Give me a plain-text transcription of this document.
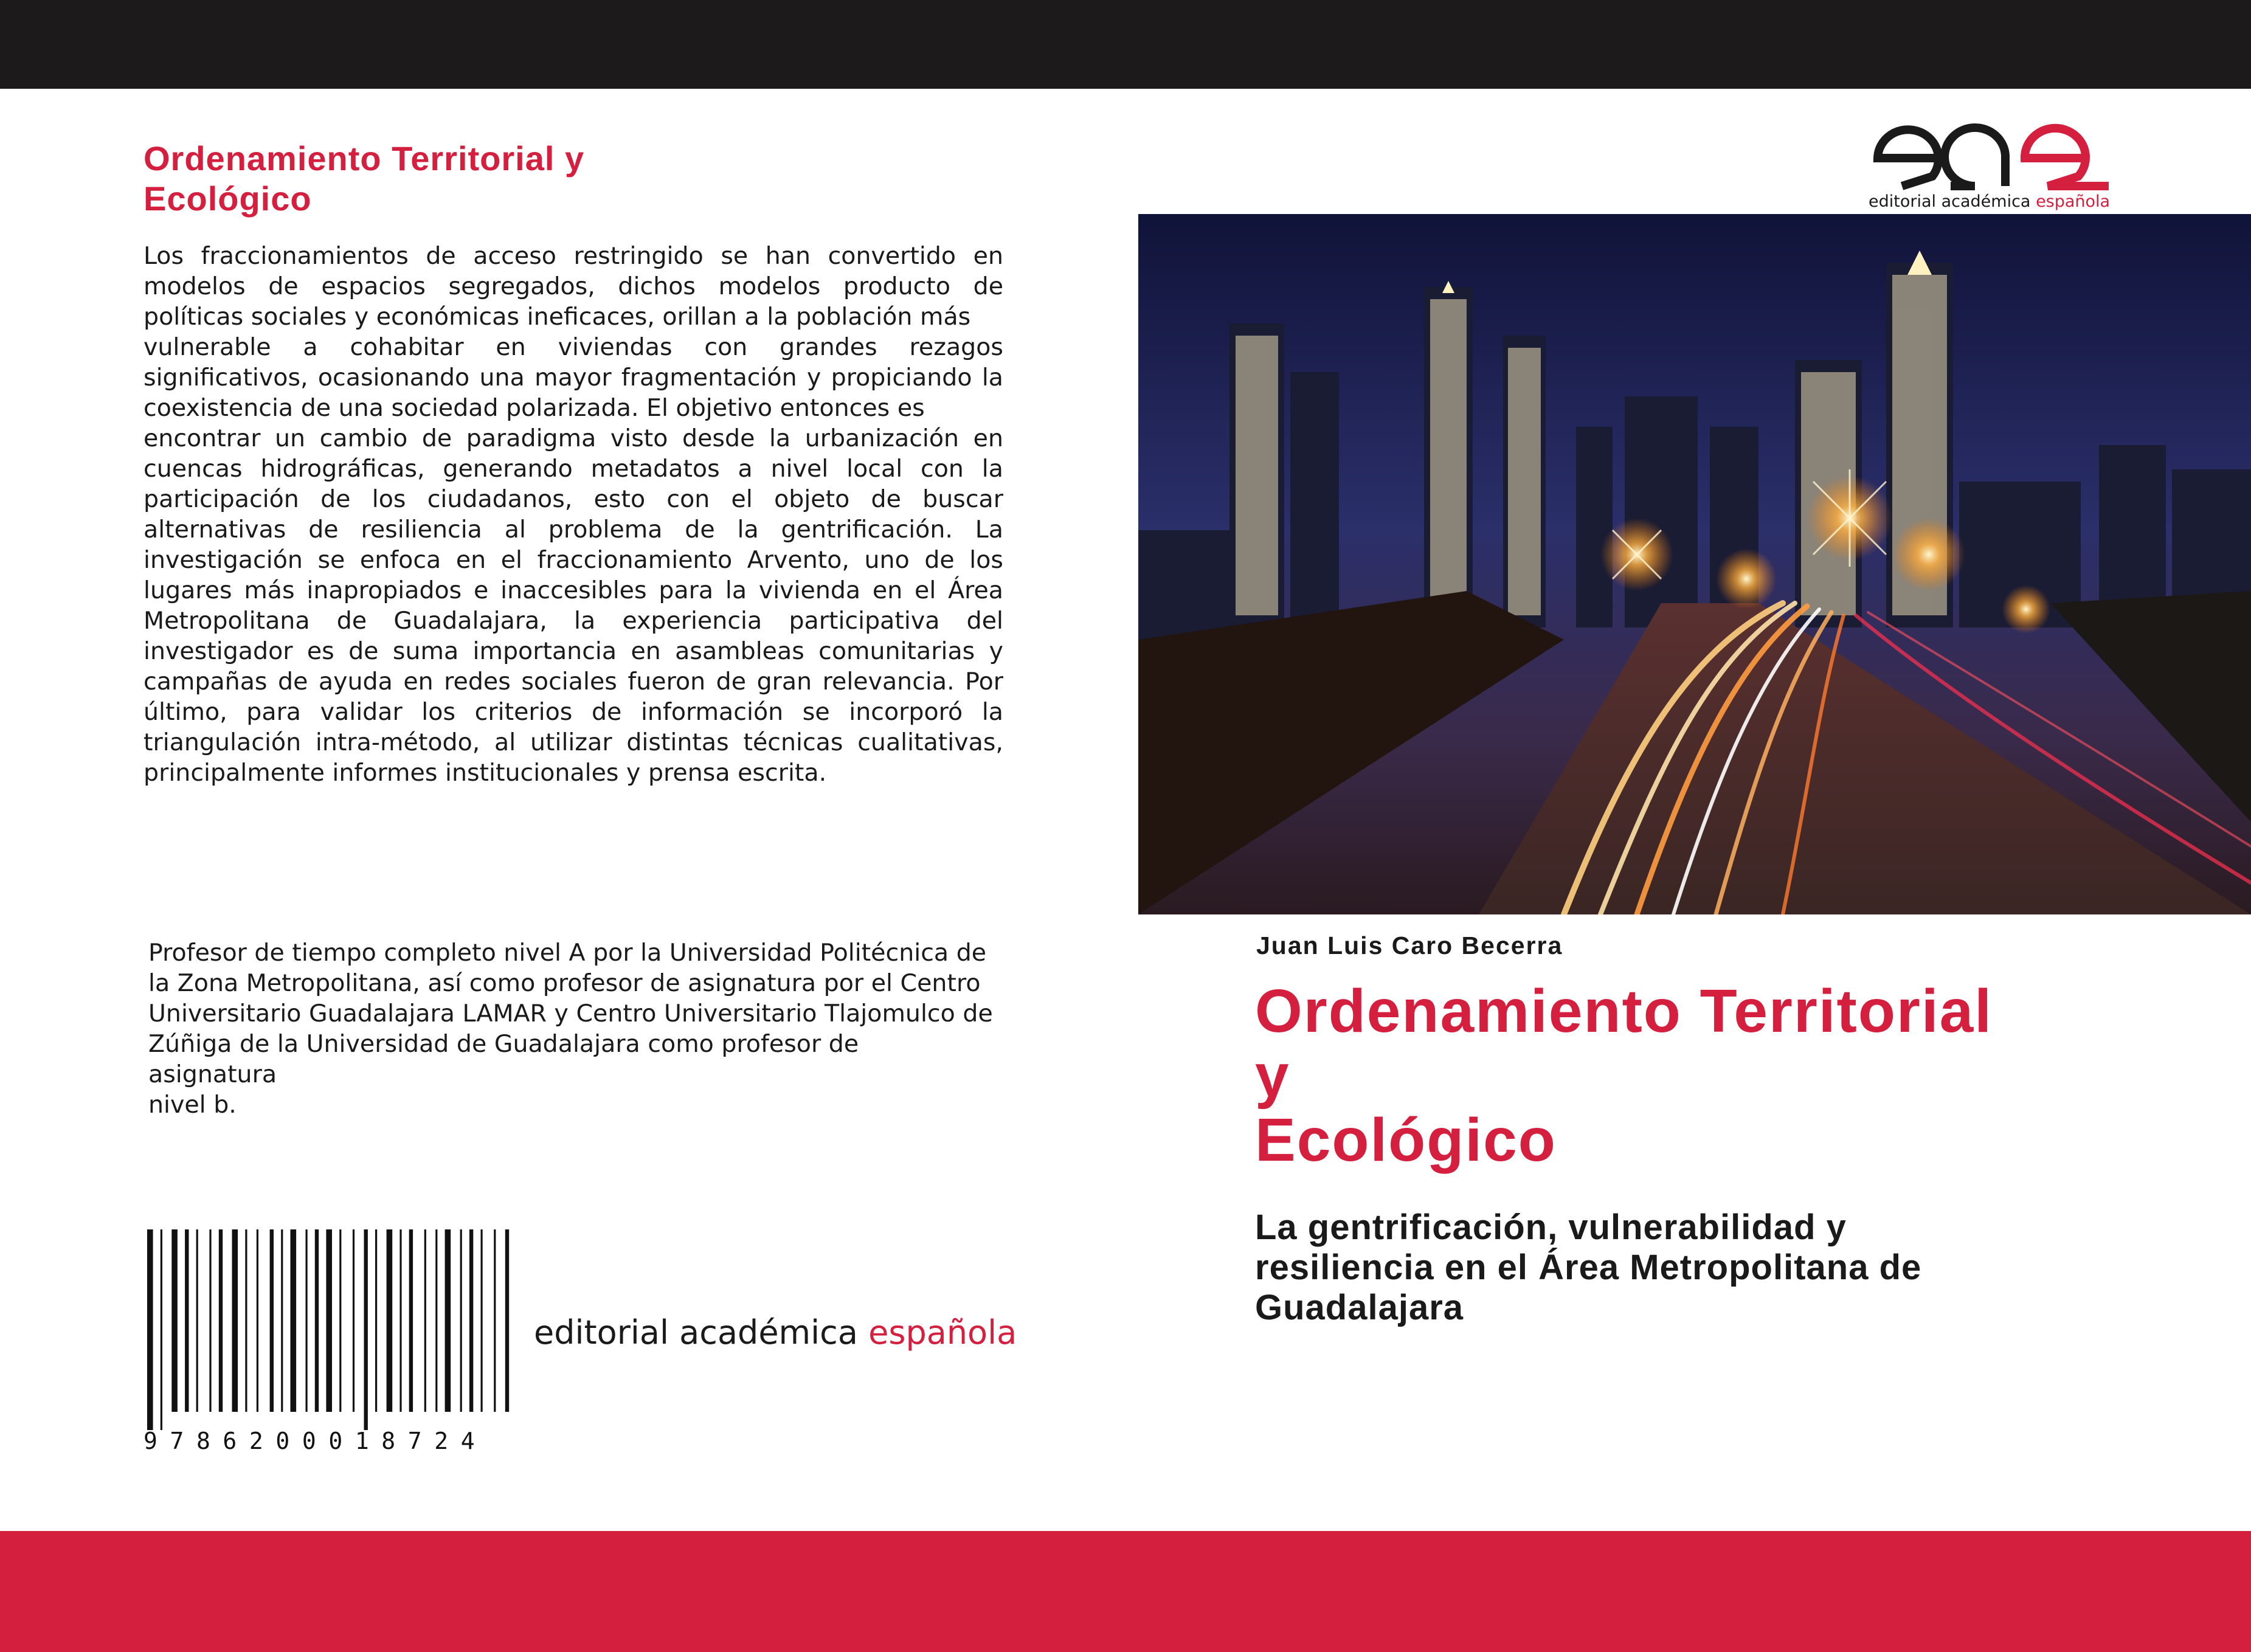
Ordenamiento Territorial y
Ecológico

Los fraccionamientos de acceso restringido se han convertido en modelos de espacios segregados, dichos modelos producto de políticas sociales y económicas ineficaces, orillan a la población más

vulnerable a cohabitar en viviendas con grandes rezagos significativos, ocasionando una mayor fragmentación y propiciando la coexistencia de una sociedad polarizada. El objetivo entonces es

encontrar un cambio de paradigma visto desde la urbanización en cuencas hidrográficas, generando metadatos a nivel local con la participación de los ciudadanos, esto con el objeto de buscar alternativas de resiliencia al problema de la gentrificación. La investigación se enfoca en el fraccionamiento Arvento, uno de los lugares más inapropiados e inaccesibles para la vivienda en el Área Metropolitana de Guadalajara, la experiencia participativa del investigador es de suma importancia en asambleas comunitarias y campañas de ayuda en redes sociales fueron de gran relevancia. Por último, para validar los criterios de información se incorporó la triangulación intra-método, al utilizar distintas técnicas cualitativas, principalmente informes institucionales y prensa escrita.

Profesor de tiempo completo nivel A por la Universidad Politécnica de
la Zona Metropolitana, así como profesor de asignatura por el Centro
Universitario Guadalajara LAMAR y Centro Universitario Tlajomulco de
Zúñiga de la Universidad de Guadalajara como profesor de asignatura
nivel b.
9786200018724
editorial académica española
editorial académica española
Juan Luis Caro Becerra
Ordenamiento Territorial
y
Ecológico
La gentrificación, vulnerabilidad y
resiliencia en el Área Metropolitana de
Guadalajara
